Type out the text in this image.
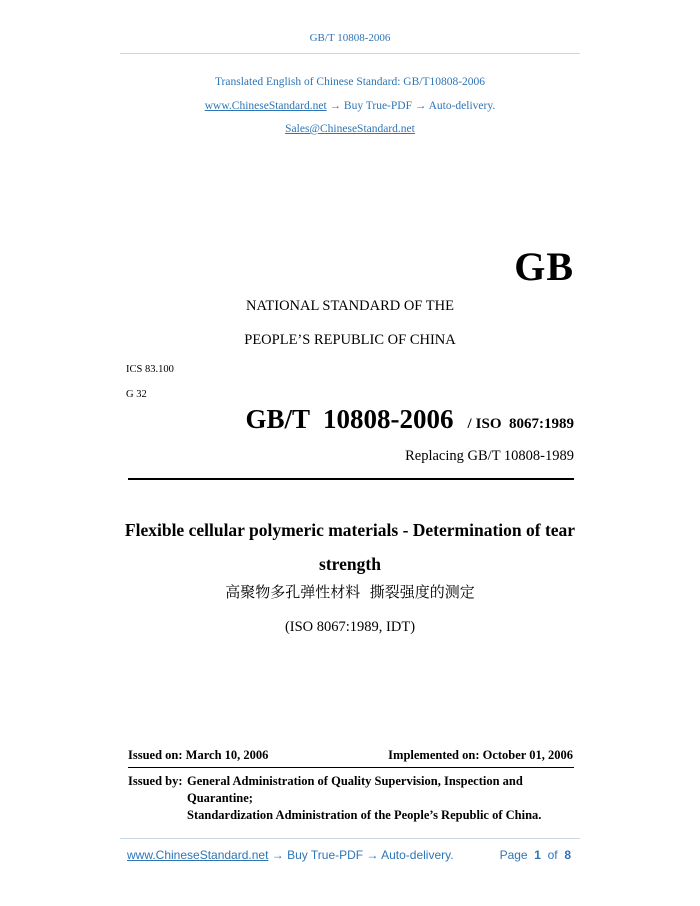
GB/T 10808-2006
Translated English of Chinese Standard: GB/T10808-2006
www.ChineseStandard.net → Buy True-PDF → Auto-delivery.
Sales@ChineseStandard.net
GB
NATIONAL STANDARD OF THE
PEOPLE’S REPUBLIC OF CHINA
ICS 83.100
G 32
GB/T  10808-2006 / ISO  8067:1989
Replacing GB/T 10808-1989
Flexible cellular polymeric materials - Determination of tear strength
高聚物多孔弹性材料  撕裂强度的测定
(ISO 8067:1989, IDT)
Issued on: March 10, 2006	Implemented on: October 01, 2006
Issued by: General Administration of Quality Supervision, Inspection and
Quarantine;
Standardization Administration of the People’s Republic of China.
www.ChineseStandard.net → Buy True-PDF → Auto-delivery.	Page 1 of 8
